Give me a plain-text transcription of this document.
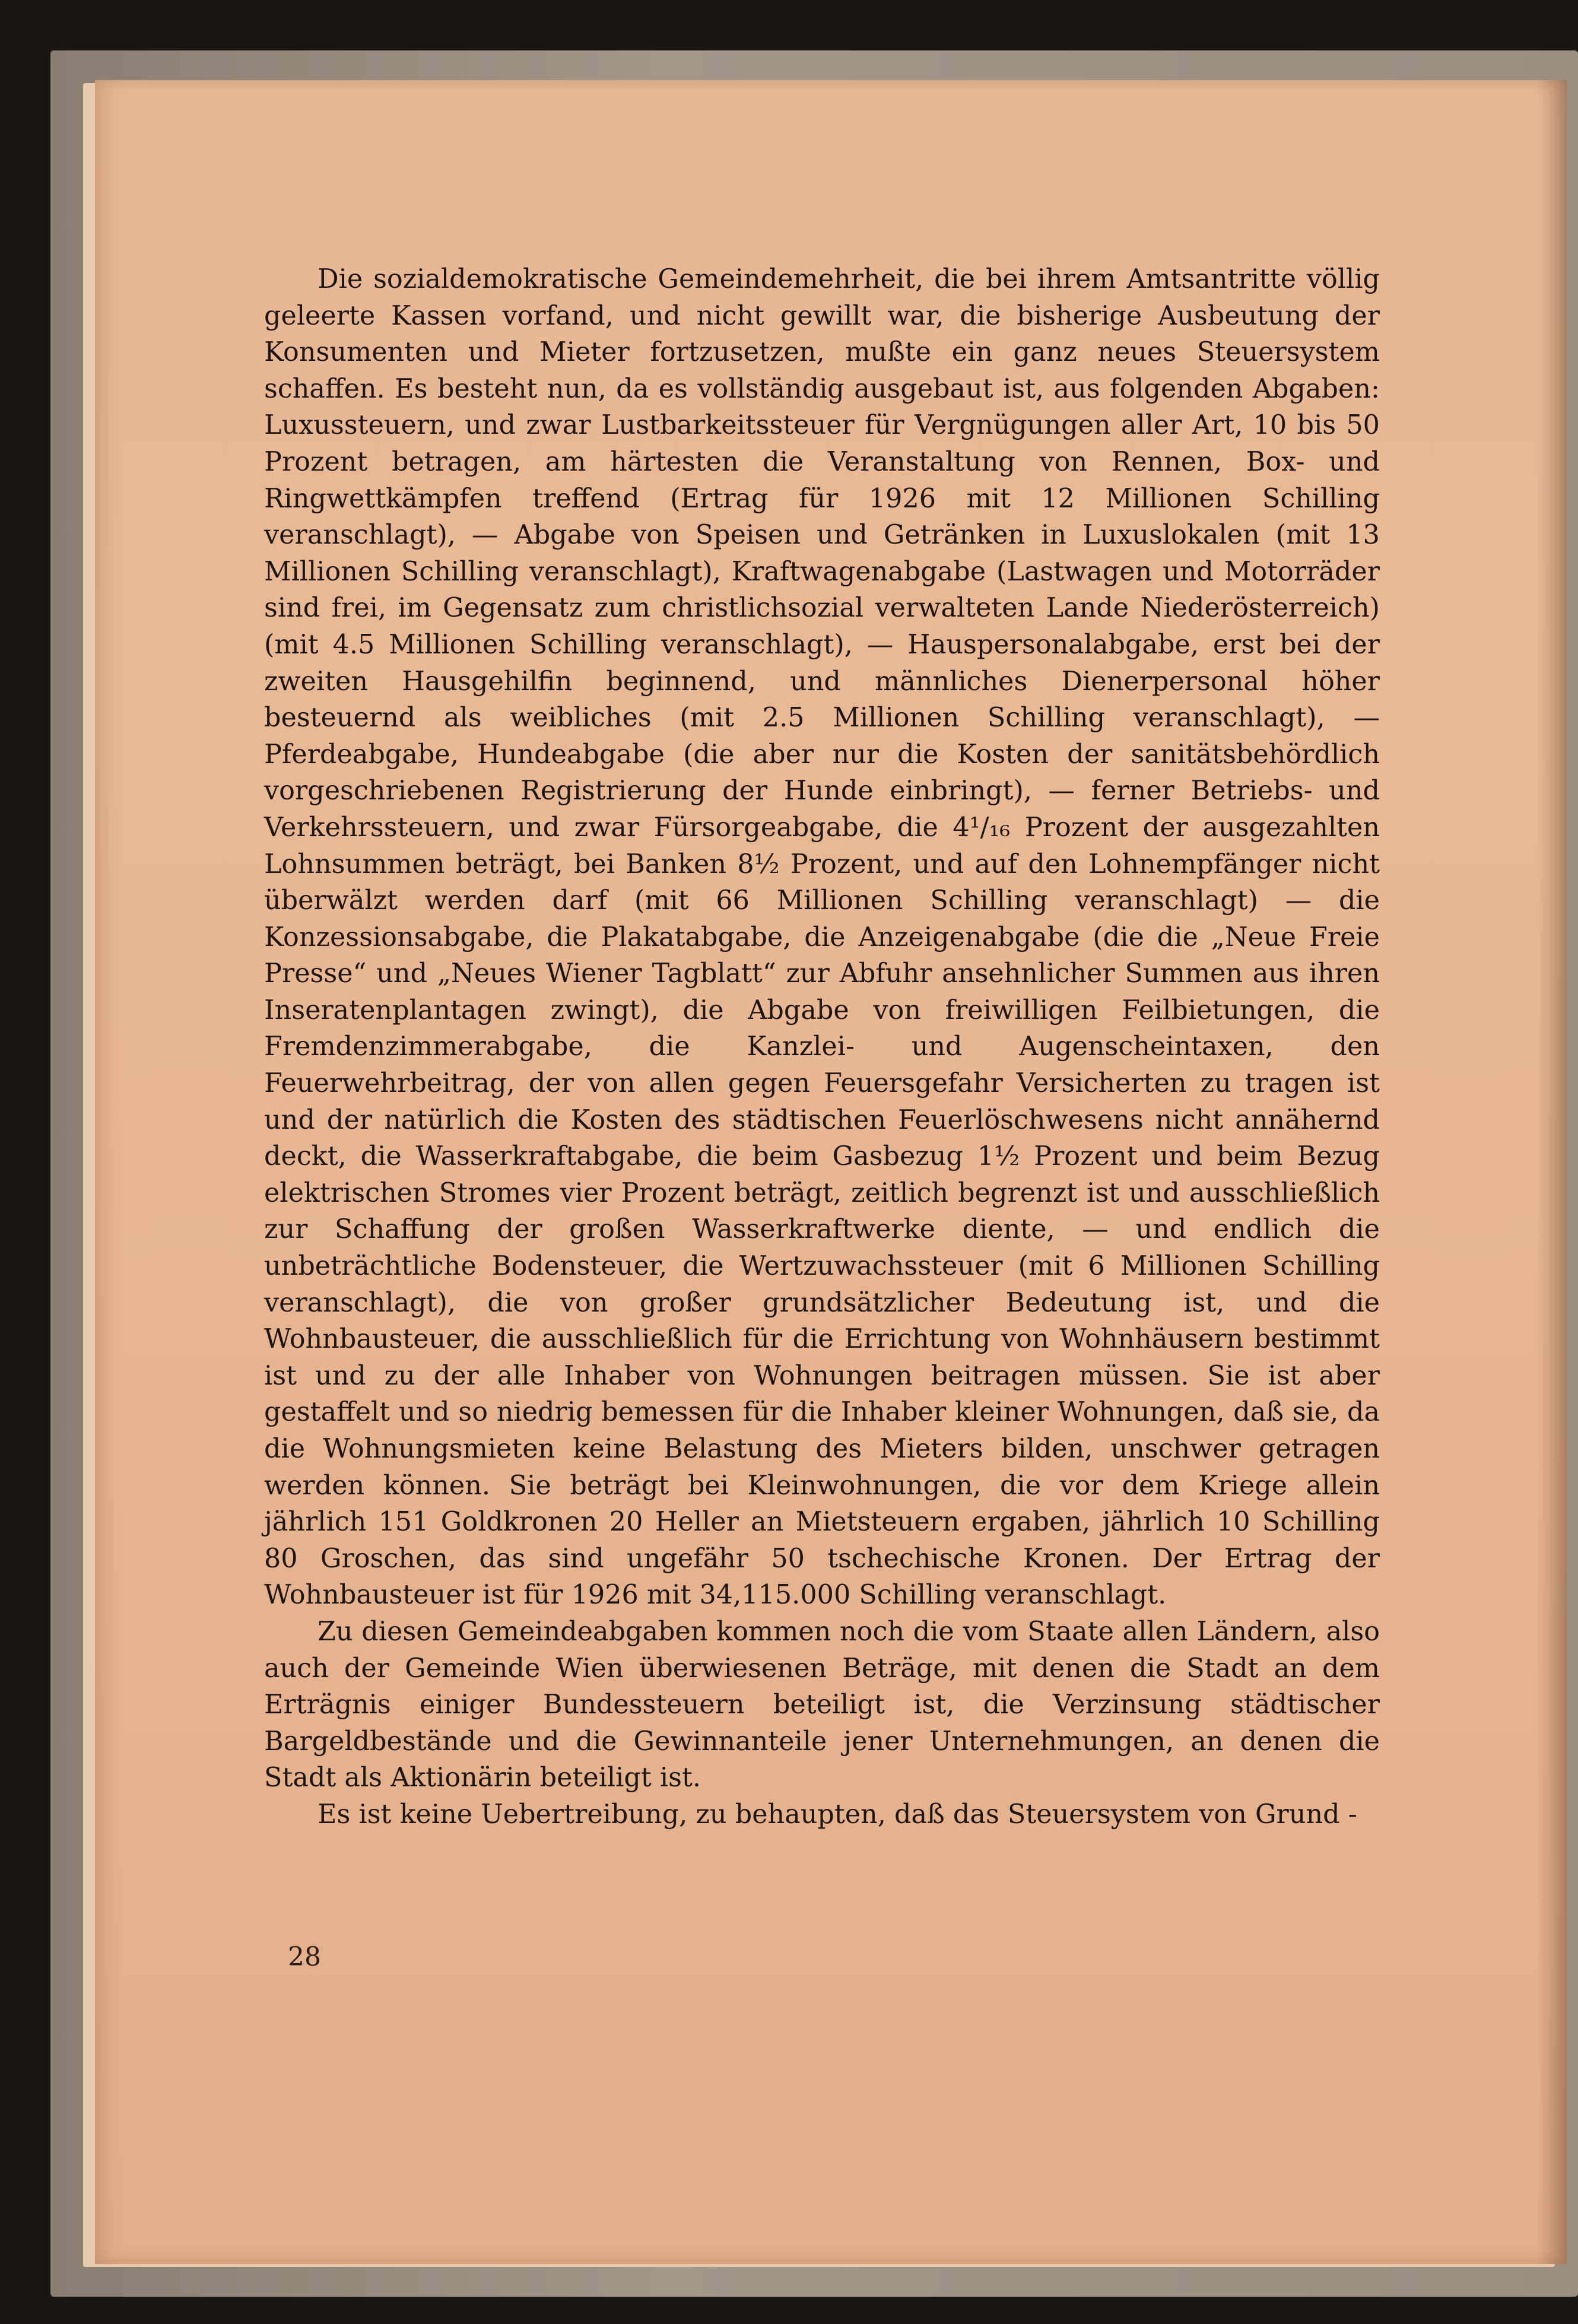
Die sozialdemokratische Gemeindemehrheit, die bei ihrem Amtsantritte völlig geleerte Kassen vorfand, und nicht gewillt war, die bisherige Ausbeutung der Konsumenten und Mieter fortzusetzen, mußte ein ganz neues Steuersystem schaffen. Es besteht nun, da es vollständig ausgebaut ist, aus folgenden Abgaben: Luxussteuern, und zwar Lustbarkeitssteuer für Vergnügungen aller Art, 10 bis 50 Prozent betragen, am härtesten die Veranstaltung von Rennen, Box- und Ringwettkämpfen treffend (Ertrag für 1926 mit 12 Millionen Schilling veranschlagt), — Abgabe von Speisen und Getränken in Luxuslokalen (mit 13 Millionen Schilling veranschlagt), Kraftwagenabgabe (Lastwagen und Motorräder sind frei, im Gegensatz zum christlichsozial verwalteten Lande Niederösterreich) (mit 4.5 Millionen Schilling veranschlagt), — Hauspersonalabgabe, erst bei der zweiten Hausgehilfin beginnend, und männliches Dienerpersonal höher besteuernd als weibliches (mit 2.5 Millionen Schilling veranschlagt), — Pferdeabgabe, Hundeabgabe (die aber nur die Kosten der sanitätsbehördlich vorgeschriebenen Registrierung der Hunde einbringt), — ferner Betriebs- und Verkehrssteuern, und zwar Fürsorgeabgabe, die 4¹/₁₆ Prozent der ausgezahlten Lohnsummen beträgt, bei Banken 8½ Prozent, und auf den Lohnempfänger nicht überwälzt werden darf (mit 66 Millionen Schilling veranschlagt) — die Konzessionsabgabe, die Plakatabgabe, die Anzeigenabgabe (die die „Neue Freie Presse“ und „Neues Wiener Tagblatt“ zur Abfuhr ansehnlicher Summen aus ihren Inseratenplantagen zwingt), die Abgabe von freiwilligen Feilbietungen, die Fremdenzimmerabgabe, die Kanzlei- und Augenscheintaxen, den Feuerwehrbeitrag, der von allen gegen Feuersgefahr Versicherten zu tragen ist und der natürlich die Kosten des städtischen Feuerlöschwesens nicht annähernd deckt, die Wasserkraftabgabe, die beim Gasbezug 1½ Prozent und beim Bezug elektrischen Stromes vier Prozent beträgt, zeitlich begrenzt ist und ausschließlich zur Schaffung der großen Wasserkraftwerke diente, — und endlich die unbeträchtliche Bodensteuer, die Wertzuwachssteuer (mit 6 Millionen Schilling veranschlagt), die von großer grundsätzlicher Bedeutung ist, und die Wohnbausteuer, die ausschließlich für die Errichtung von Wohnhäusern bestimmt ist und zu der alle Inhaber von Wohnungen beitragen müssen. Sie ist aber gestaffelt und so niedrig bemessen für die Inhaber kleiner Wohnungen, daß sie, da die Wohnungsmieten keine Belastung des Mieters bilden, unschwer getragen werden können. Sie beträgt bei Kleinwohnungen, die vor dem Kriege allein jährlich 151 Goldkronen 20 Heller an Mietsteuern ergaben, jährlich 10 Schilling 80 Groschen, das sind ungefähr 50 tschechische Kronen. Der Ertrag der Wohnbausteuer ist für 1926 mit 34,115.000 Schilling veranschlagt.

Zu diesen Gemeindeabgaben kommen noch die vom Staate allen Ländern, also auch der Gemeinde Wien überwiesenen Beträge, mit denen die Stadt an dem Erträgnis einiger Bundessteuern beteiligt ist, die Verzinsung städtischer Bargeldbestände und die Gewinnanteile jener Unternehmungen, an denen die Stadt als Aktionärin beteiligt ist.

Es ist keine Uebertreibung, zu behaupten, daß das Steuersystem von Grund -

28
